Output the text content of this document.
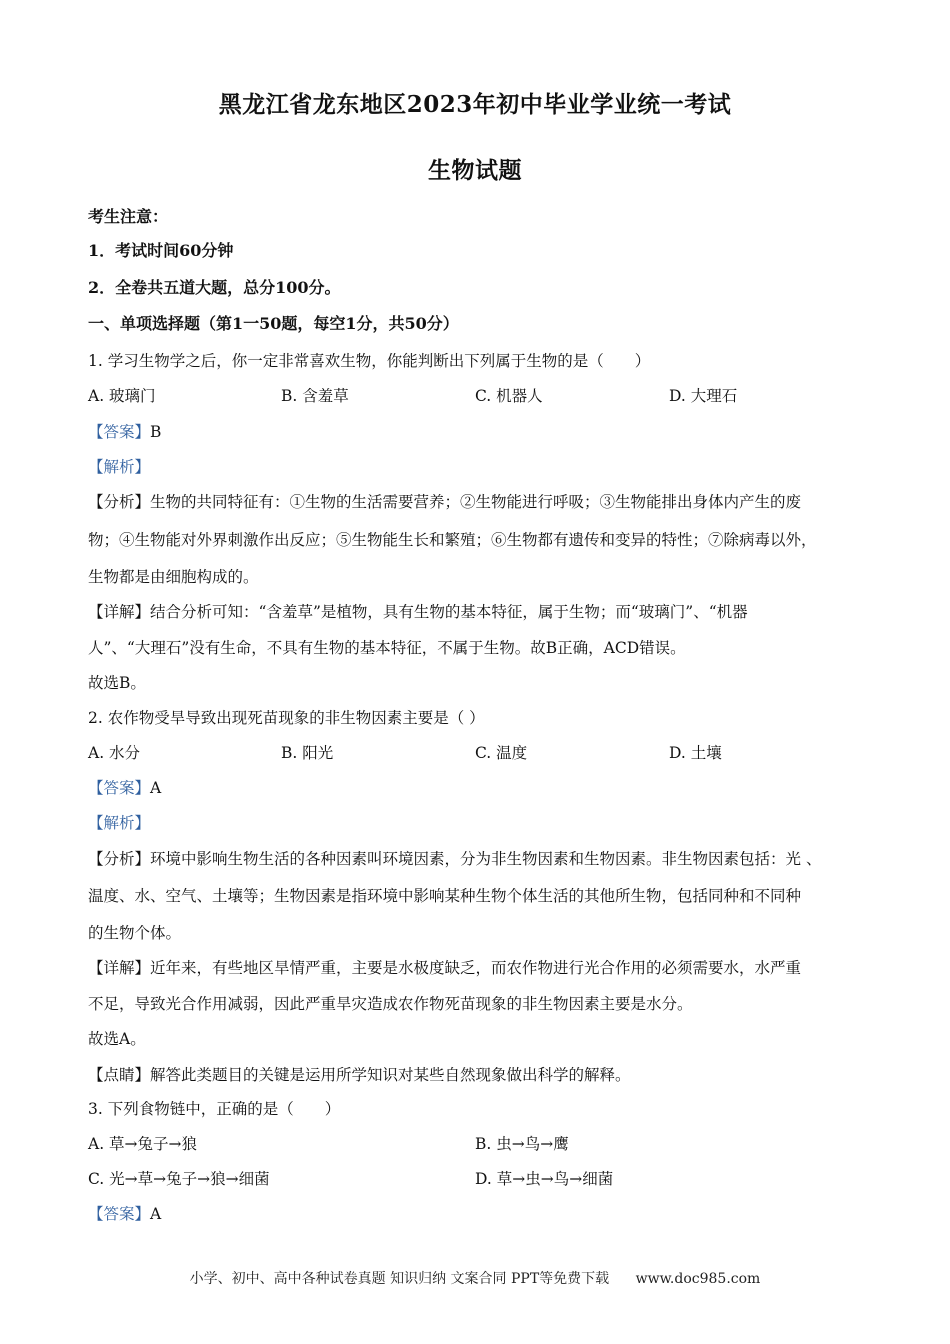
黑龙江省龙东地区2023年初中毕业学业统一考试
生物试题
考生注意：
1．考试时间60分钟
2．全卷共五道大题，总分100分。
一、单项选择题（第1一50题，每空1分，共50分）
1. 学习生物学之后，你一定非常喜欢生物，你能判断出下列属于生物的是（　　）
A. 玻璃门	B. 含羞草	C. 机器人	D. 大理石
【答案】B
【解析】
【分析】生物的共同特征有：①生物的生活需要营养；②生物能进行呼吸；③生物能排出身体内产生的废
物；④生物能对外界刺激作出反应；⑤生物能生长和繁殖；⑥生物都有遗传和变异的特性；⑦除病毒以外，
生物都是由细胞构成的。
【详解】结合分析可知：“含羞草”是植物，具有生物的基本特征，属于生物；而“玻璃门”、“机器
人”、“大理石”没有生命，不具有生物的基本特征，不属于生物。故B正确，ACD错误。
故选B。
2. 农作物受旱导致出现死苗现象的非生物因素主要是（ ）
A. 水分	B. 阳光	C. 温度	D. 土壤
【答案】A
【解析】
【分析】环境中影响生物生活的各种因素叫环境因素，分为非生物因素和生物因素。非生物因素包括：光 、
温度、水、空气、土壤等；生物因素是指环境中影响某种生物个体生活的其他所生物，包括同种和不同种
的生物个体。
【详解】近年来，有些地区旱情严重，主要是水极度缺乏，而农作物进行光合作用的必须需要水，水严重
不足，导致光合作用减弱，因此严重旱灾造成农作物死苗现象的非生物因素主要是水分。
故选A。
【点睛】解答此类题目的关键是运用所学知识对某些自然现象做出科学的解释。
3. 下列食物链中，正确的是（　　）
A. 草→兔子→狼	B. 虫→鸟→鹰
C. 光→草→兔子→狼→细菌	D. 草→虫→鸟→细菌
【答案】A
小学、初中、高中各种试卷真题 知识归纳 文案合同 PPT等免费下载 www.doc985.com
